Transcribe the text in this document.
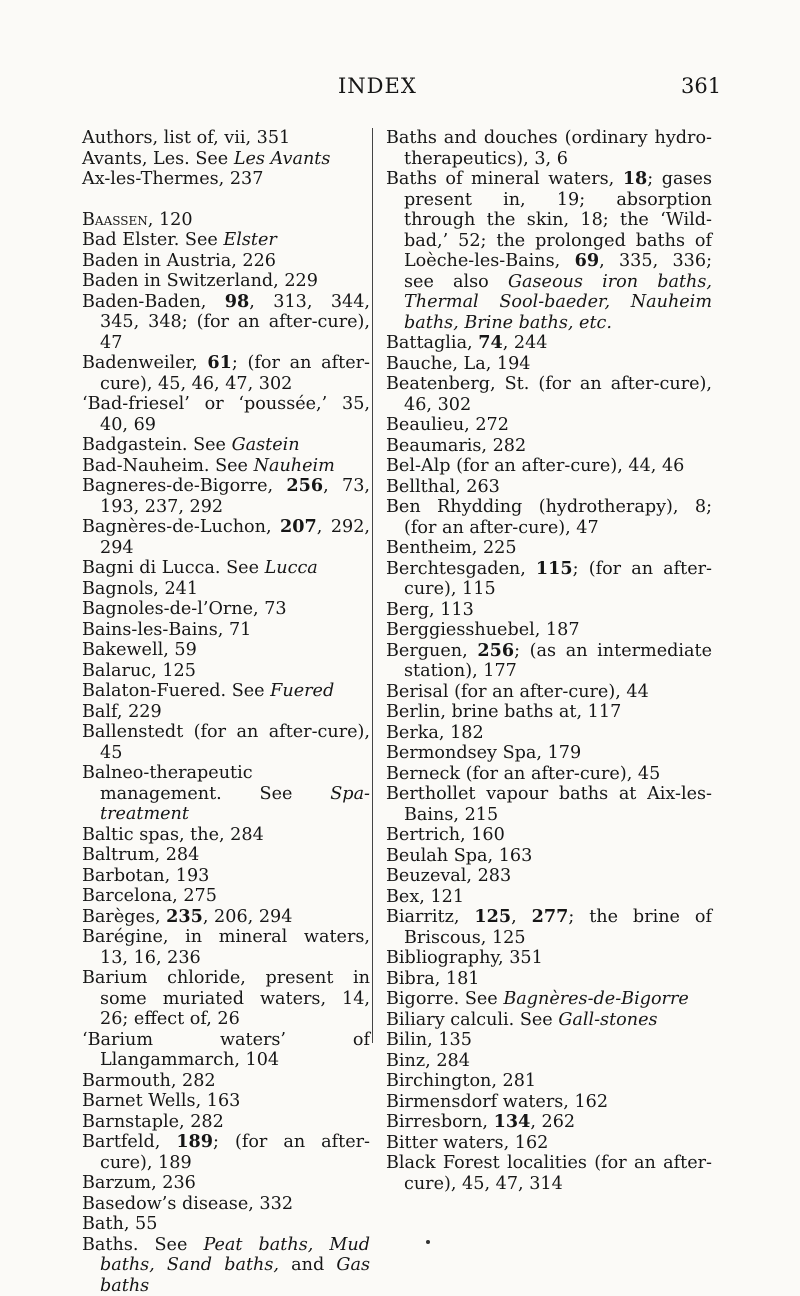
INDEX	361
Authors, list of, vii, 351
Avants, Les. See Les Avants
Ax-les-Thermes, 237
Baassen, 120
Bad Elster. See Elster
Baden in Austria, 226
Baden in Switzerland, 229
Baden-Baden, 98, 313, 344, 345, 348; (for an after-cure), 47
Badenweiler, 61; (for an after-cure), 45, 46, 47, 302
‘Bad-friesel’ or ‘poussée,’ 35, 40, 69
Badgastein. See Gastein
Bad-Nauheim. See Nauheim
Bagneres-de-Bigorre, 256, 73, 193, 237, 292
Bagnères-de-Luchon, 207, 292, 294
Bagni di Lucca. See Lucca
Bagnols, 241
Bagnoles-de-l’Orne, 73
Bains-les-Bains, 71
Bakewell, 59
Balaruc, 125
Balaton-Fuered. See Fuered
Balf, 229
Ballenstedt (for an after-cure), 45
Balneo-therapeutic management. See Spa-treatment
Baltic spas, the, 284
Baltrum, 284
Barbotan, 193
Barcelona, 275
Barèges, 235, 206, 294
Barégine, in mineral waters, 13, 16, 236
Barium chloride, present in some muriated waters, 14, 26; effect of, 26
‘Barium waters’ of Llangammarch, 104
Barmouth, 282
Barnet Wells, 163
Barnstaple, 282
Bartfeld, 189; (for an after-cure), 189
Barzum, 236
Basedow’s disease, 332
Bath, 55
Baths. See Peat baths, Mud baths, Sand baths, and Gas baths
Baths and douches (ordinary hydro-therapeutics), 3, 6
Baths of mineral waters, 18; gases present in, 19; absorption through the skin, 18; the ‘Wild-bad,’ 52; the prolonged baths of Loèche-les-Bains, 69, 335, 336; see also Gaseous iron baths, Thermal Sool-baeder, Nauheim baths, Brine baths, etc.
Battaglia, 74, 244
Bauche, La, 194
Beatenberg, St. (for an after-cure), 46, 302
Beaulieu, 272
Beaumaris, 282
Bel-Alp (for an after-cure), 44, 46
Bellthal, 263
Ben Rhydding (hydrotherapy), 8; (for an after-cure), 47
Bentheim, 225
Berchtesgaden, 115; (for an after-cure), 115
Berg, 113
Berggiesshuebel, 187
Berguen, 256; (as an intermediate station), 177
Berisal (for an after-cure), 44
Berlin, brine baths at, 117
Berka, 182
Bermondsey Spa, 179
Berneck (for an after-cure), 45
Berthollet vapour baths at Aix-les-Bains, 215
Bertrich, 160
Beulah Spa, 163
Beuzeval, 283
Bex, 121
Biarritz, 125, 277; the brine of Briscous, 125
Bibliography, 351
Bibra, 181
Bigorre. See Bagnères-de-Bigorre
Biliary calculi. See Gall-stones
Bilin, 135
Binz, 284
Birchington, 281
Birmensdorf waters, 162
Birresborn, 134, 262
Bitter waters, 162
Black Forest localities (for an after-cure), 45, 47, 314
